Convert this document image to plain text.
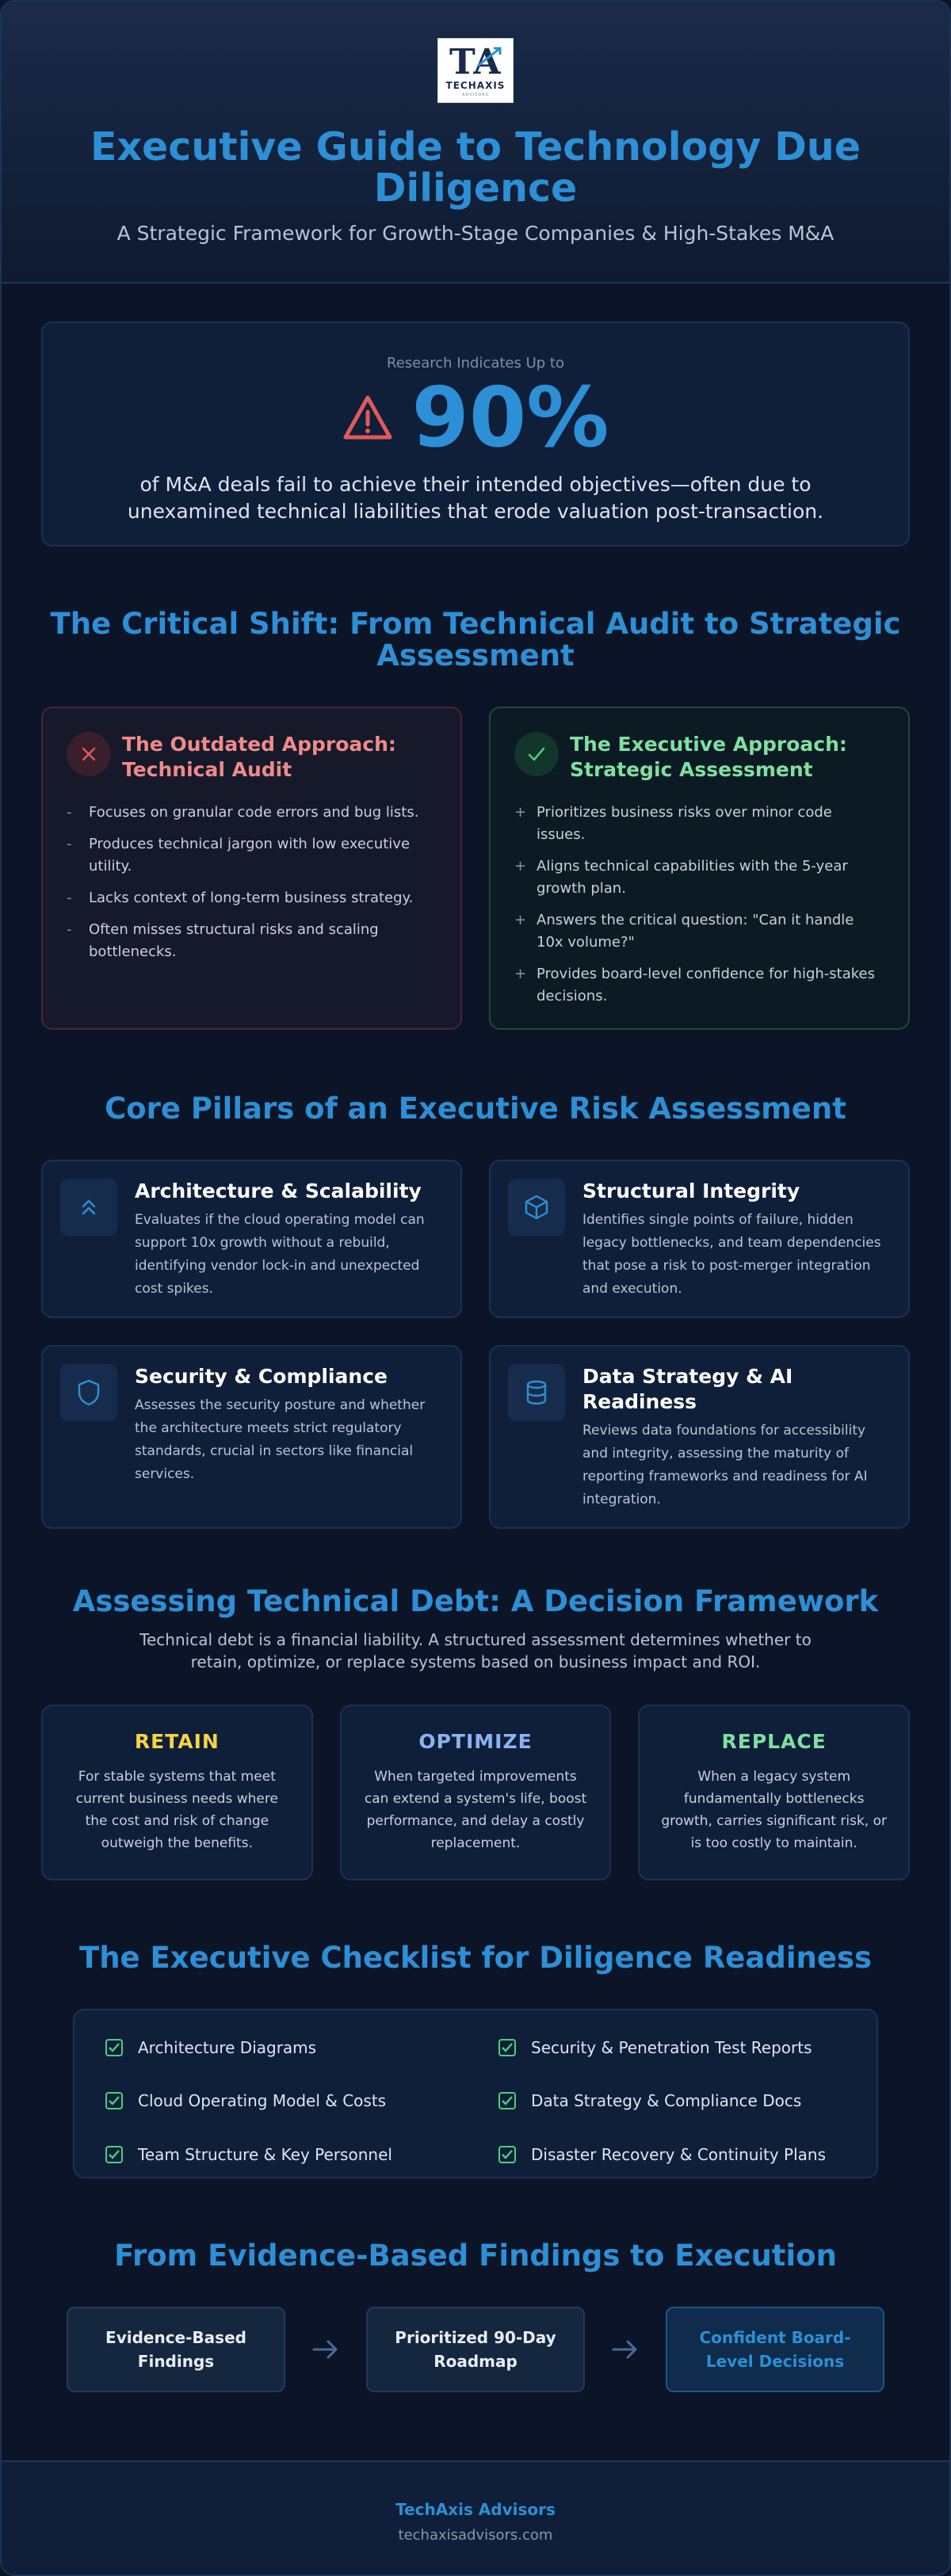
TA
TECHAXIS
ADVISORS
Executive Guide to Technology Due Diligence
A Strategic Framework for Growth-Stage Companies & High-Stakes M&A
Research Indicates Up to
90%
of M&A deals fail to achieve their intended objectives—often due to unexamined technical liabilities that erode valuation post-transaction.
The Critical Shift: From Technical Audit to Strategic Assessment
The Outdated Approach: Technical Audit
-	Focuses on granular code errors and bug lists.
-	Produces technical jargon with low executive utility.
-	Lacks context of long-term business strategy.
-	Often misses structural risks and scaling bottlenecks.
The Executive Approach: Strategic Assessment
+ Prioritizes business risks over minor code issues.
+ Aligns technical capabilities with the 5-year growth plan.
+ Answers the critical question: "Can it handle 10x volume?"
+ Provides board-level confidence for high-stakes decisions.
Core Pillars of an Executive Risk Assessment
Architecture & Scalability

Evaluates if the cloud operating model can support 10x growth without a rebuild, identifying vendor lock-in and unexpected cost spikes.

Structural Integrity

Identifies single points of failure, hidden legacy bottlenecks, and team dependencies that pose a risk to post-merger integration and execution.

Security & Compliance

Assesses the security posture and whether the architecture meets strict regulatory standards, crucial in sectors like financial services.

Data Strategy & AI Readiness

Reviews data foundations for accessibility and integrity, assessing the maturity of reporting frameworks and readiness for AI integration.

Assessing Technical Debt: A Decision Framework
Technical debt is a financial liability. A structured assessment determines whether to retain, optimize, or replace systems based on business impact and ROI.
RETAIN

For stable systems that meet current business needs where the cost and risk of change outweigh the benefits.

OPTIMIZE

When targeted improvements can extend a system's life, boost performance, and delay a costly replacement.

REPLACE

When a legacy system fundamentally bottlenecks growth, carries significant risk, or is too costly to maintain.

The Executive Checklist for Diligence Readiness
Architecture Diagrams	Security & Penetration Test Reports
Cloud Operating Model & Costs	Data Strategy & Compliance Docs
Team Structure & Key Personnel	Disaster Recovery & Continuity Plans
From Evidence-Based Findings to Execution
Evidence-Based Findings
Prioritized 90-Day Roadmap
Confident Board-Level Decisions
TechAxis Advisors
techaxisadvisors.com
